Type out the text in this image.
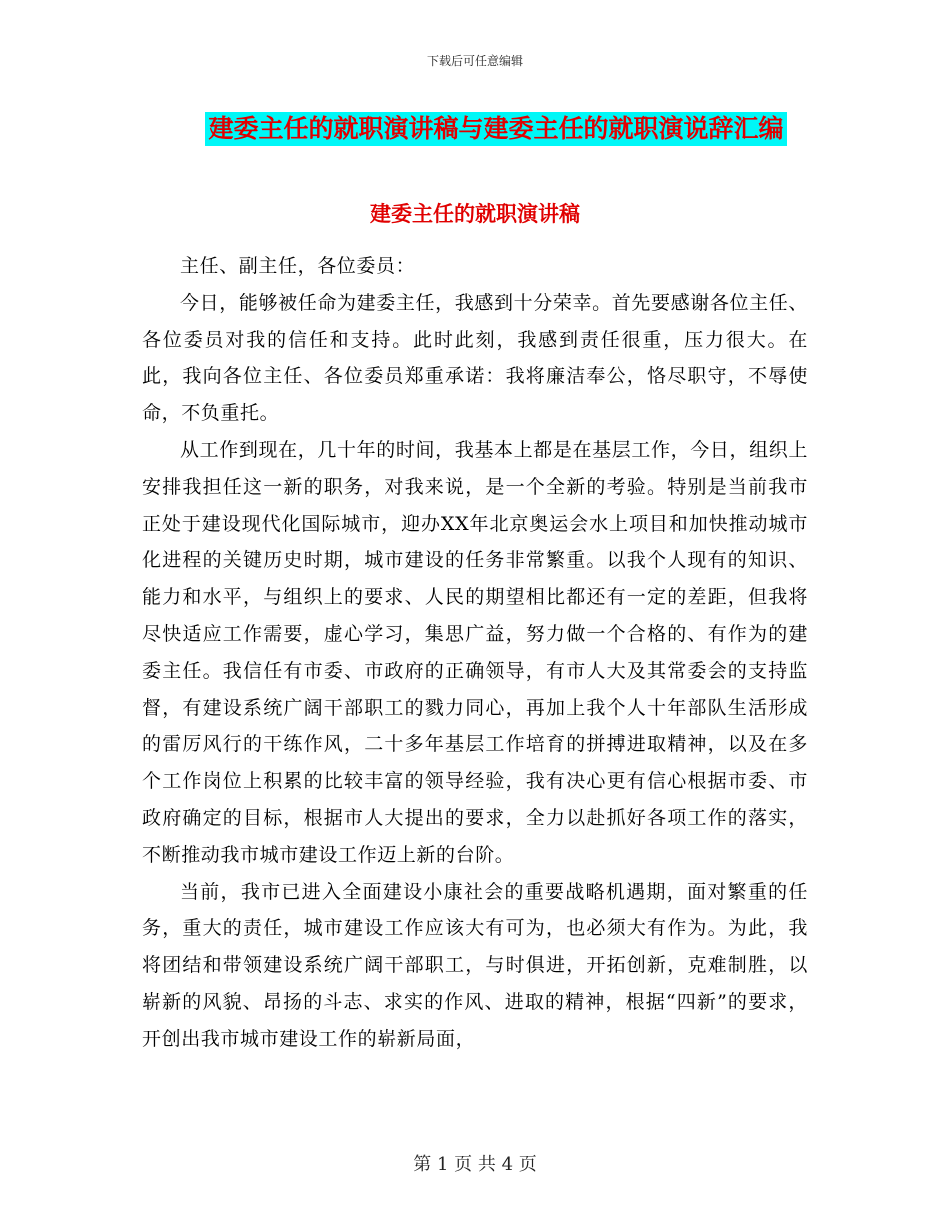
下载后可任意编辑
建委主任的就职演讲稿与建委主任的就职演说辞汇编
建委主任的就职演讲稿

主任、副主任，各位委员：

今日，能够被任命为建委主任，我感到十分荣幸。首先要感谢各位主任、各位委员对我的信任和支持。此时此刻，我感到责任很重，压力很大。在此，我向各位主任、各位委员郑重承诺：我将廉洁奉公，恪尽职守，不辱使命，不负重托。

从工作到现在，几十年的时间，我基本上都是在基层工作，今日，组织上安排我担任这一新的职务，对我来说，是一个全新的考验。特别是当前我市正处于建设现代化国际城市，迎办XX年北京奥运会水上项目和加快推动城市化进程的关键历史时期，城市建设的任务非常繁重。以我个人现有的知识、能力和水平，与组织上的要求、人民的期望相比都还有一定的差距，但我将尽快适应工作需要，虚心学习，集思广益，努力做一个合格的、有作为的建委主任。我信任有市委、市政府的正确领导，有市人大及其常委会的支持监督，有建设系统广阔干部职工的戮力同心，再加上我个人十年部队生活形成的雷厉风行的干练作风，二十多年基层工作培育的拼搏进取精神，以及在多个工作岗位上积累的比较丰富的领导经验，我有决心更有信心根据市委、市政府确定的目标，根据市人大提出的要求，全力以赴抓好各项工作的落实，不断推动我市城市建设工作迈上新的台阶。

当前，我市已进入全面建设小康社会的重要战略机遇期，面对繁重的任务，重大的责任，城市建设工作应该大有可为，也必须大有作为。为此，我将团结和带领建设系统广阔干部职工，与时俱进，开拓创新，克难制胜，以崭新的风貌、昂扬的斗志、求实的作风、进取的精神，根据“四新”的要求，开创出我市城市建设工作的崭新局面，

第 1 页 共 4 页
